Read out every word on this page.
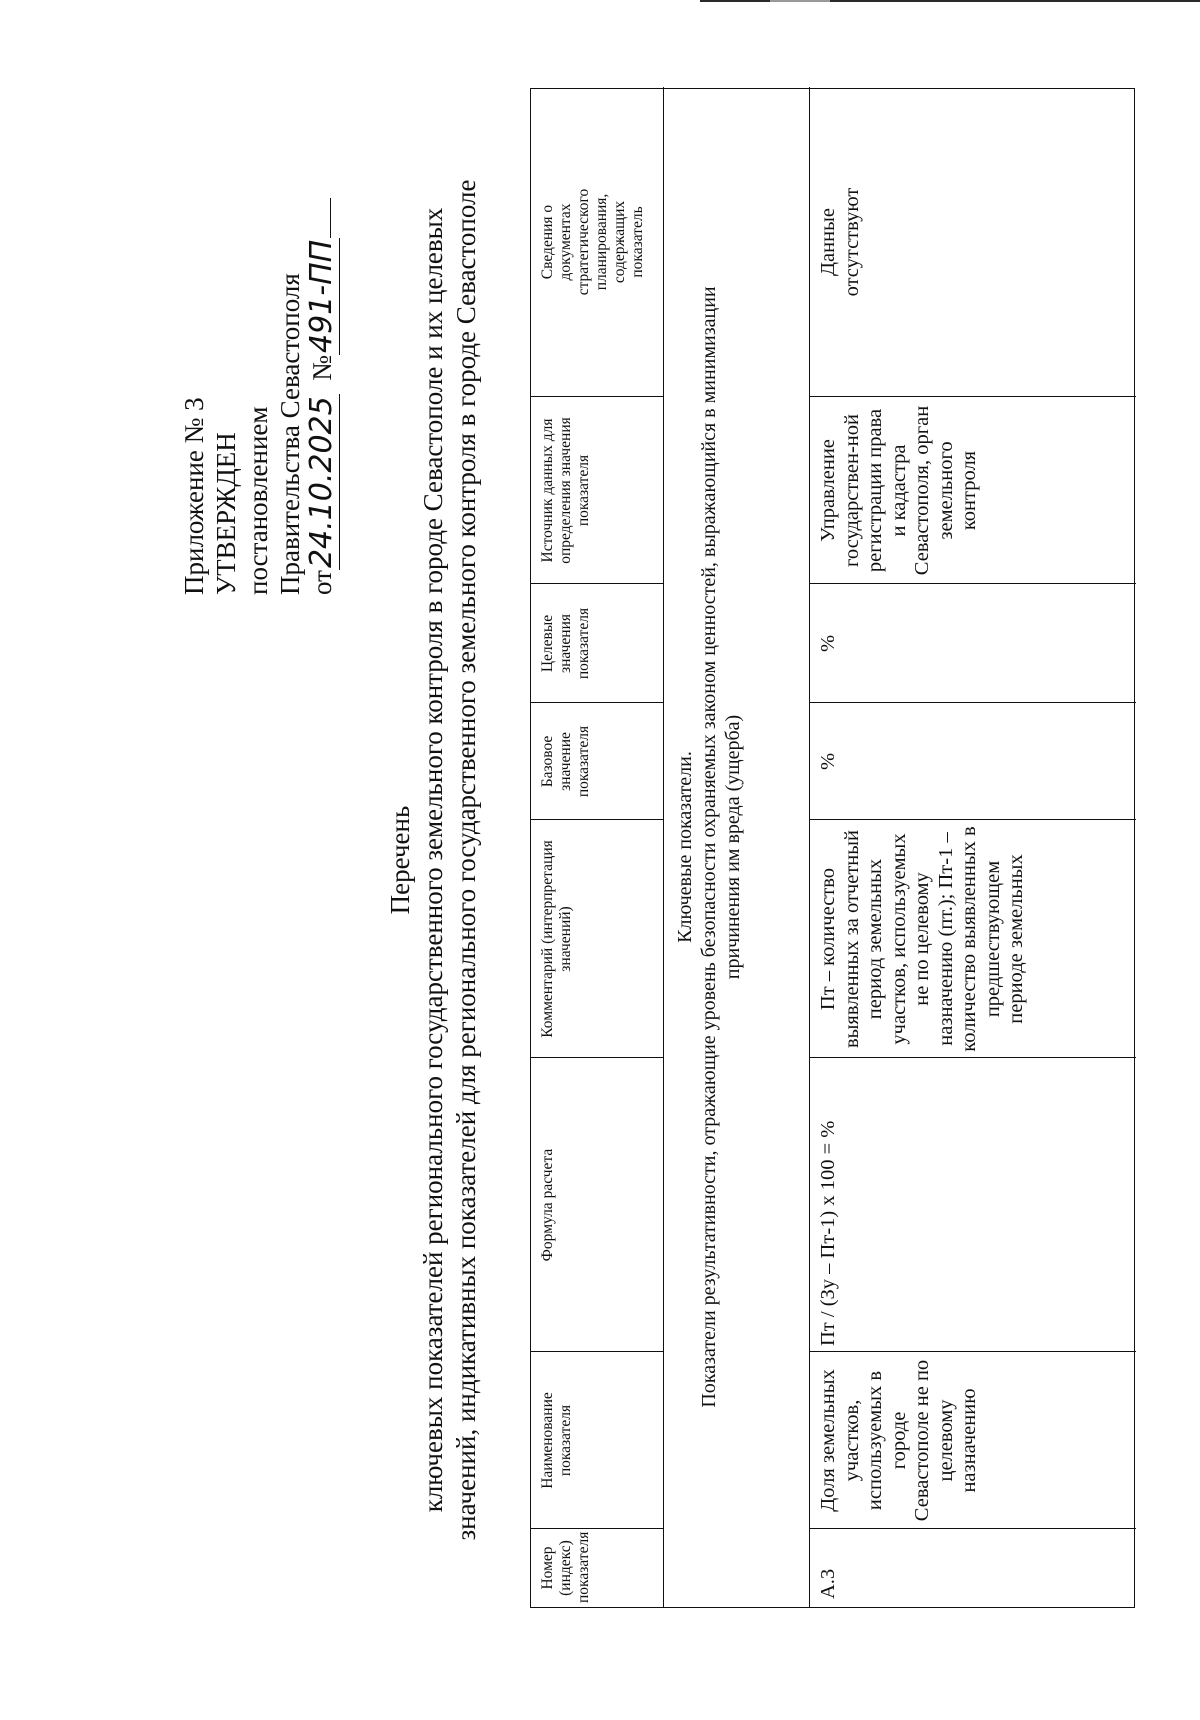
Приложение № 3 УТВЕРЖДЕН постановлением Правительства Севастополя от24.10.2025  №491-ПП
Перечень ключевых показателей регионального государственного земельного контроля в городе Севастополе и их целевых значений, индикативных показателей для регионального государственного земельного контроля в городе Севастополе
Номер (индекс) показателя
Наименование показателя
Формула расчета
Комментарий (интерпретация значений)
Базовое значение показателя
Целевые значения показателя
Источник данных для определения значения показателя
Сведения о документах стратегического планирования, содержащих показатель
Ключевые показатели. Показатели результативности, отражающие уровень безопасности охраняемых законом ценностей, выражающийся в минимизации причинения им вреда (ущерба)
А.3
Доля земельных участков, используемых в городе Севастополе не по целевому назначению
Пт / (Зу – Пт-1) х 100 = %
Пт – количество выявленных за отчетный период земельных участков, используемых не по целевому назначению (пт.); Пт-1 – количество выявленных в предшествующем периоде земельных
%
%
Управление государствен-ной регистрации права и кадастра Севастополя, орган земельного контроля
Данные отсутствуют
